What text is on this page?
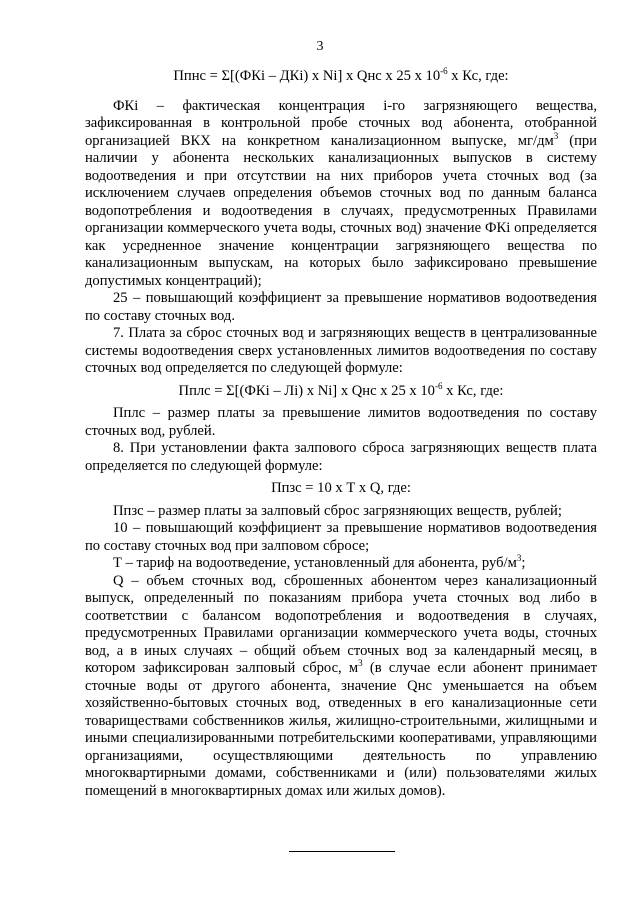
3

Ппнс = Σ[(ФКi – ДКi) x Ni] x Qнс x 25 x $10^{-6}$ x Кс, где:

ФКi – фактическая концентрация i-го загрязняющего вещества, зафиксированная в контрольной пробе сточных вод абонента, отобранной организацией ВКХ на конкретном канализационном выпуске, $мг/дм^3$ (при наличии у абонента нескольких канализационных выпусков в систему водоотведения и при отсутствии на них приборов учета сточных вод (за исключением случаев определения объемов сточных вод по данным баланса водопотребления и водоотведения в случаях, предусмотренных Правилами организации коммерческого учета воды, сточных вод) значение ФКi определяется как усредненное значение концентрации загрязняющего вещества по канализационным выпускам, на которых было зафиксировано превышение допустимых концентраций);

25 – повышающий коэффициент за превышение нормативов водоотведения по составу сточных вод.

7. Плата за сброс сточных вод и загрязняющих веществ в централизованные системы водоотведения сверх установленных лимитов водоотведения по составу сточных вод определяется по следующей формуле:

Пплс = Σ[(ФКi – Лi) x Ni] x Qнс x 25 x $10^{-6}$ x Кс, где:

Пплс – размер платы за превышение лимитов водоотведения по составу сточных вод, рублей.

8. При установлении факта залпового сброса загрязняющих веществ плата определяется по следующей формуле:

Ппзс = 10 x Т x Q, где:

Ппзс – размер платы за залповый сброс загрязняющих веществ, рублей;

10 – повышающий коэффициент за превышение нормативов водоотведения по составу сточных вод при залповом сбросе;

Т – тариф на водоотведение, установленный для абонента, руб/$м^3$;

Q – объем сточных вод, сброшенных абонентом через канализационный выпуск, определенный по показаниям прибора учета сточных вод либо в соответствии с балансом водопотребления и водоотведения в случаях, предусмотренных Правилами организации коммерческого учета воды, сточных вод, а в иных случаях – общий объем сточных вод за календарный месяц, в котором зафиксирован залповый сброс, $м^3$ (в случае если абонент принимает сточные воды от другого абонента, значение Qнс уменьшается на объем хозяйственно-бытовых сточных вод, отведенных в его канализационные сети товариществами собственников жилья, жилищно-строительными, жилищными и иными специализированными потребительскими кооперативами, управляющими организациями, осуществляющими деятельность по управлению многоквартирными домами, собственниками и (или) пользователями жилых помещений в многоквартирных домах или жилых домов).
